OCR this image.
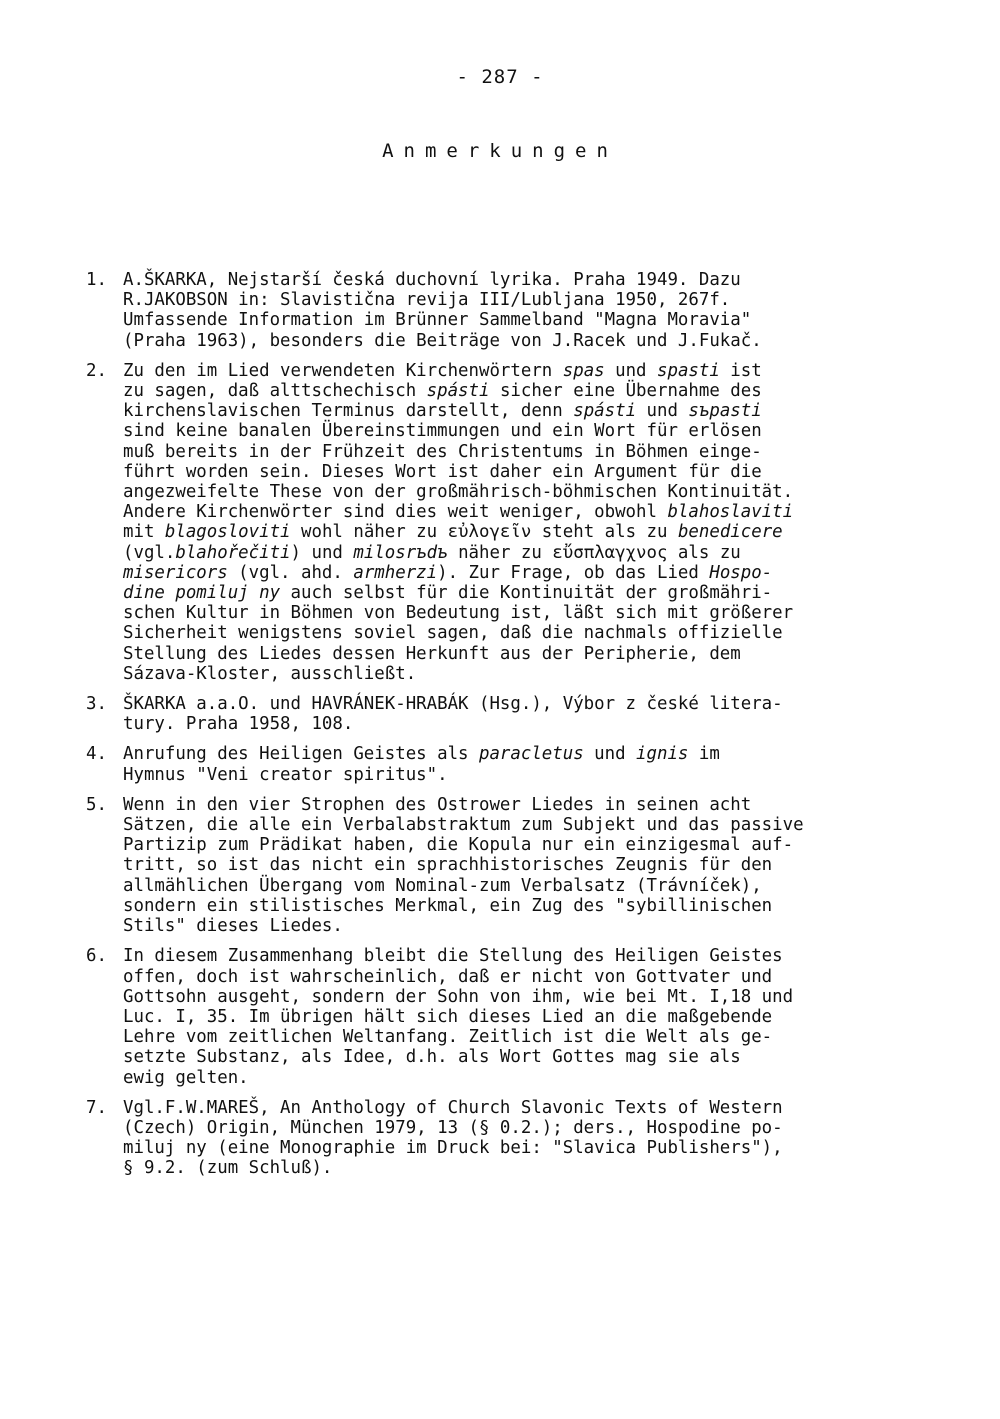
- 287 -
Anmerkungen
1. A.ŠKARKA, Nejstarší česká duchovní lyrika. Praha 1949. Dazu
R.JAKOBSON in: Slavistična revija III/Lubljana 1950, 267f.
Umfassende Information im Brünner Sammelband "Magna Moravia"
(Praha 1963), besonders die Beiträge von J.Racek und J.Fukač.
2. Zu den im Lied verwendeten Kirchenwörtern spas und spasti ist
zu sagen, daß alttschechisch spásti sicher eine Übernahme des
kirchenslavischen Terminus darstellt, denn spásti und sъpasti
sind keine banalen Übereinstimmungen und ein Wort für erlösen
muß bereits in der Frühzeit des Christentums in Böhmen einge-
führt worden sein. Dieses Wort ist daher ein Argument für die
angezweifelte These von der großmährisch-böhmischen Kontinuität.
Andere Kirchenwörter sind dies weit weniger, obwohl blahoslaviti
mit blagosloviti wohl näher zu εὐλογεῖν steht als zu benedicere
(vgl.blahořečiti) und milosrъdъ näher zu εὔσπλαγχνος als zu
misericors (vgl. ahd. armherzi). Zur Frage, ob das Lied Hospo-
dine pomiluj ny auch selbst für die Kontinuität der großmähri-
schen Kultur in Böhmen von Bedeutung ist, läßt sich mit größerer
Sicherheit wenigstens soviel sagen, daß die nachmals offizielle
Stellung des Liedes dessen Herkunft aus der Peripherie, dem
Sázava-Kloster, ausschließt.
3. ŠKARKA a.a.O. und HAVRÁNEK-HRABÁK (Hsg.), Výbor z české litera-
tury. Praha 1958, 108.
4. Anrufung des Heiligen Geistes als paracletus und ignis im
Hymnus "Veni creator spiritus".
5. Wenn in den vier Strophen des Ostrower Liedes in seinen acht
Sätzen, die alle ein Verbalabstraktum zum Subjekt und das passive
Partizip zum Prädikat haben, die Kopula nur ein einzigesmal auf-
tritt, so ist das nicht ein sprachhistorisches Zeugnis für den
allmählichen Übergang vom Nominal-zum Verbalsatz (Trávníček),
sondern ein stilistisches Merkmal, ein Zug des "sybillinischen
Stils" dieses Liedes.
6. In diesem Zusammenhang bleibt die Stellung des Heiligen Geistes
offen, doch ist wahrscheinlich, daß er nicht von Gottvater und
Gottsohn ausgeht, sondern der Sohn von ihm, wie bei Mt. I,18 und
Luc. I, 35. Im übrigen hält sich dieses Lied an die maßgebende
Lehre vom zeitlichen Weltanfang. Zeitlich ist die Welt als ge-
setzte Substanz, als Idee, d.h. als Wort Gottes mag sie als
ewig gelten.
7. Vgl.F.W.MAREŠ, An Anthology of Church Slavonic Texts of Western
(Czech) Origin, München 1979, 13 (§ 0.2.); ders., Hospodine po-
miluj ny (eine Monographie im Druck bei: "Slavica Publishers"),
§ 9.2. (zum Schluß).
